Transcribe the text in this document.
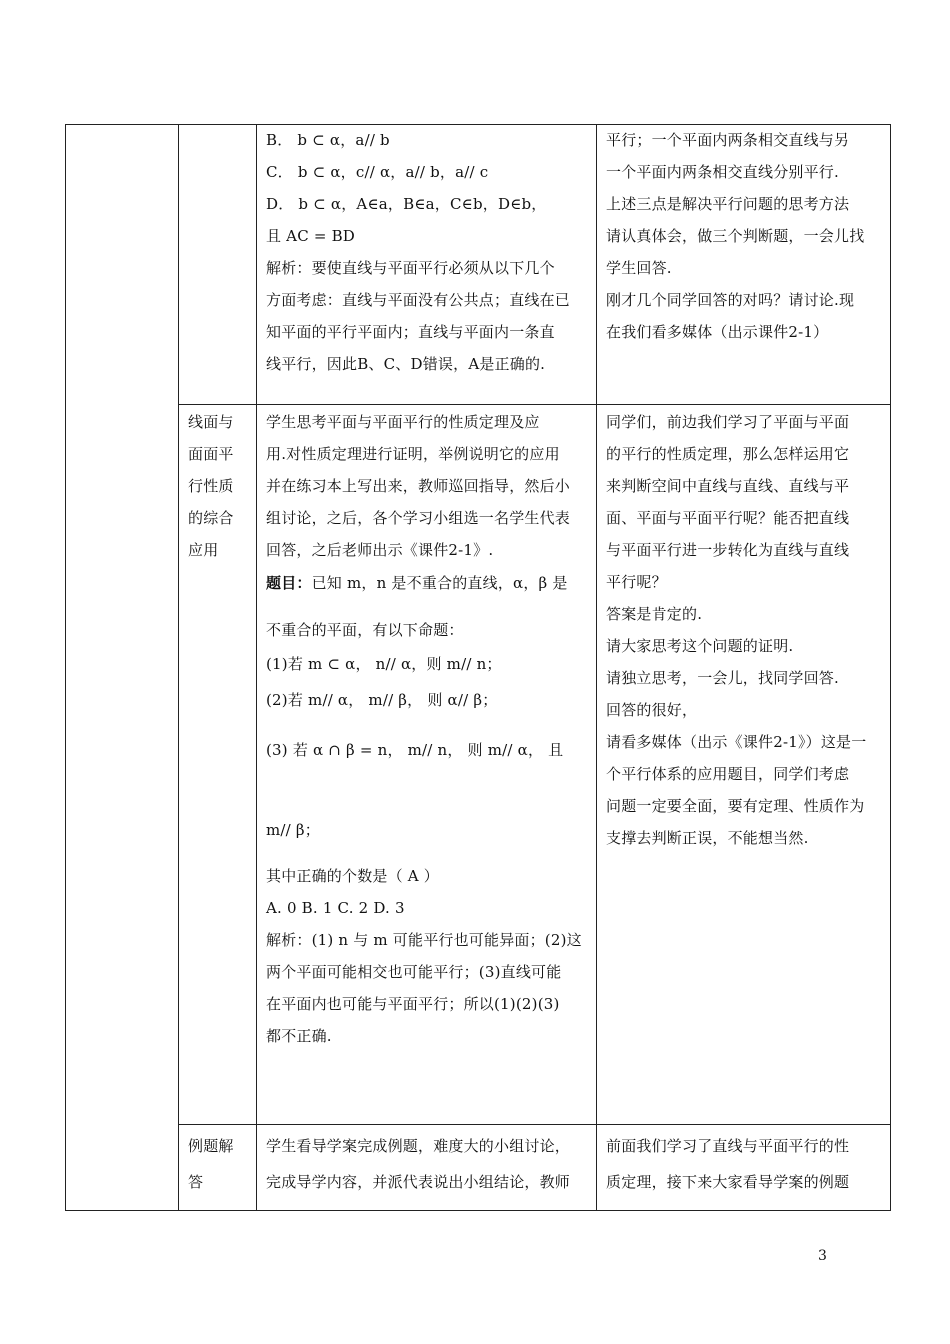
B． b ⊂ α，a// b

C． b ⊂ α，c// α，a// b，a// c

D． b ⊂ α，A∈a，B∈a，C∈b，D∈b，

且 AC = BD

解析：要使直线与平面平行必须从以下几个

方面考虑：直线与平面没有公共点；直线在已

知平面的平行平面内；直线与平面内一条直

线平行，因此B、C、D错误，A是正确的.

平行；一个平面内两条相交直线与另

一个平面内两条相交直线分别平行.

上述三点是解决平行问题的思考方法

请认真体会，做三个判断题，一会儿找

学生回答.

刚才几个同学回答的对吗？请讨论.现

在我们看多媒体（出示课件2-1）

线面与

面面平

行性质

的综合

应用

学生思考平面与平面平行的性质定理及应

用.对性质定理进行证明，举例说明它的应用

并在练习本上写出来，教师巡回指导，然后小

组讨论，之后，各个学习小组选一名学生代表

回答，之后老师出示《课件2-1》.

题目：已知 m，n 是不重合的直线，α，β 是

不重合的平面，有以下命题：

(1)若 m ⊂ α， n// α，则 m// n；

(2)若 m// α， m// β， 则 α// β；

(3) 若 α ∩ β = n， m// n， 则 m// α， 且

m// β；

其中正确的个数是（ A ）

A. 0 B. 1 C. 2 D. 3

解析：(1) n 与 m 可能平行也可能异面；(2)这

两个平面可能相交也可能平行；(3)直线可能

在平面内也可能与平面平行；所以(1)(2)(3)

都不正确.

同学们，前边我们学习了平面与平面

的平行的性质定理，那么怎样运用它

来判断空间中直线与直线、直线与平

面、平面与平面平行呢？能否把直线

与平面平行进一步转化为直线与直线

平行呢？

答案是肯定的.

请大家思考这个问题的证明.

请独立思考，一会儿，找同学回答.

回答的很好，

请看多媒体（出示《课件2-1》）这是一

个平行体系的应用题目，同学们考虑

问题一定要全面，要有定理、性质作为

支撑去判断正误，不能想当然.

例题解

答

学生看导学案完成例题，难度大的小组讨论，

完成导学内容，并派代表说出小组结论，教师

前面我们学习了直线与平面平行的性

质定理，接下来大家看导学案的例题

3
